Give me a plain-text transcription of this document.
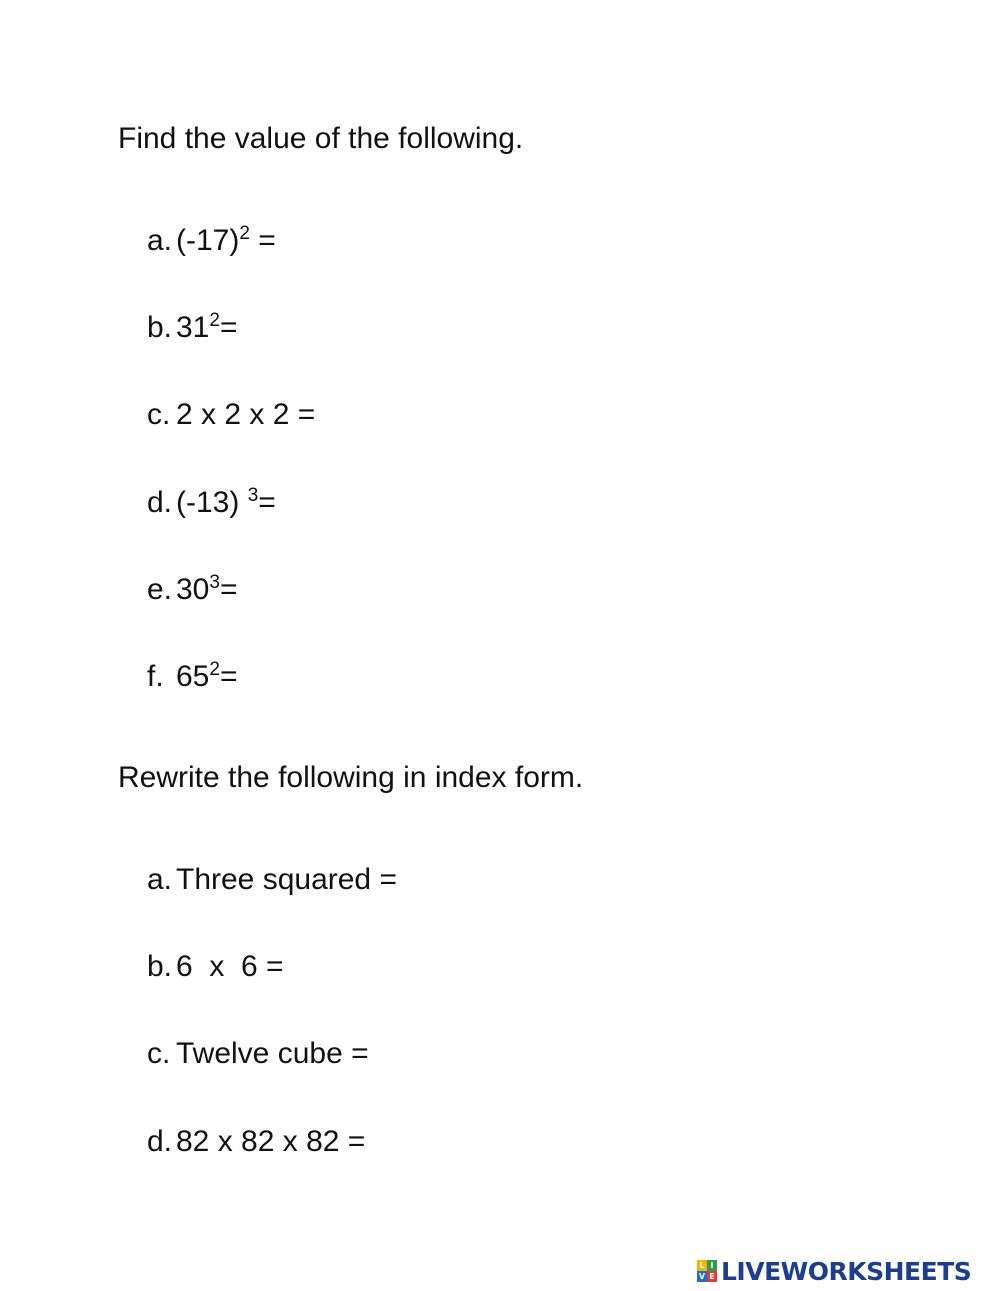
Find the value of the following.
a. $(-17)^2$ =
b. $31^2=$
c. 2 x 2 x 2 =
d. (-13) $^3$=
e. $30^3=$
f. $65^2=$
Rewrite the following in index form.
a. Three squared =
b. 6  x  6 =
c. Twelve cube =
d. 82 x 82 x 82 =
L I
V E LIVEWORKSHEETS
